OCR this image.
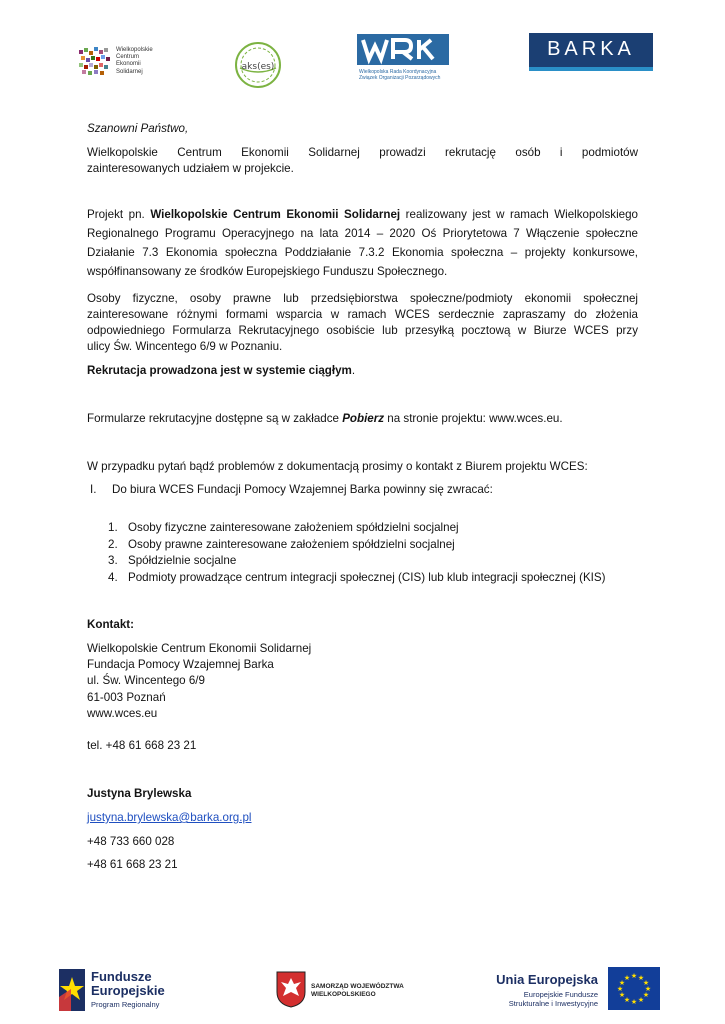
Wielkopolskie
Centrum
Ekonomii
Solidarnej	aks(es)	Wielkopolska Rada Koordynacyjna
Związek Organizacji Pozarządowych
BARKA
Szanowni Państwo,
Wielkopolskie Centrum Ekonomii Solidarnej prowadzi rekrutację osób i podmiotów
zainteresowanych udziałem w projekcie.
Projekt pn. Wielkopolskie Centrum Ekonomii Solidarnej realizowany jest w ramach Wielkopolskiego
Regionalnego Programu Operacyjnego na lata 2014 – 2020 Oś Priorytetowa 7 Włączenie społeczne
Działanie 7.3 Ekonomia społeczna Poddziałanie 7.3.2 Ekonomia społeczna – projekty konkursowe,
współfinansowany ze środków Europejskiego Funduszu Społecznego.
Osoby fizyczne, osoby prawne lub przedsiębiorstwa społeczne/podmioty ekonomii społecznej
zainteresowane różnymi formami wsparcia w ramach WCES serdecznie zapraszamy do złożenia
odpowiedniego Formularza Rekrutacyjnego osobiście lub przesyłką pocztową w Biurze WCES przy
ulicy Św. Wincentego 6/9 w Poznaniu.
Rekrutacja prowadzona jest w systemie ciągłym.
Formularze rekrutacyjne dostępne są w zakładce Pobierz na stronie projektu: www.wces.eu.
W przypadku pytań bądź problemów z dokumentacją prosimy o kontakt z Biurem projektu WCES:
I. Do biura WCES Fundacji Pomocy Wzajemnej Barka powinny się zwracać:
1. Osoby fizyczne zainteresowane założeniem spółdzielni socjalnej
2. Osoby prawne zainteresowane założeniem spółdzielni socjalnej
3. Spółdzielnie socjalne
4. Podmioty prowadzące centrum integracji społecznej (CIS) lub klub integracji społecznej (KIS)
Kontakt:
Wielkopolskie Centrum Ekonomii Solidarnej
Fundacja Pomocy Wzajemnej Barka
ul. Św. Wincentego 6/9
61-003 Poznań
www.wces.eu
tel. +48 61 668 23 21
Justyna Brylewska
justyna.brylewska@barka.org.pl
+48 733 660 028
+48 61 668 23 21
Fundusze
Europejskie
Program Regionalny
SAMORZĄD WOJEWÓDZTWA
WIELKOPOLSKIEGO
Unia Europejska
Europejskie Fundusze
Strukturalne i Inwestycyjne
★ ★
★
★
★
★
★
★
★
★
★
★
